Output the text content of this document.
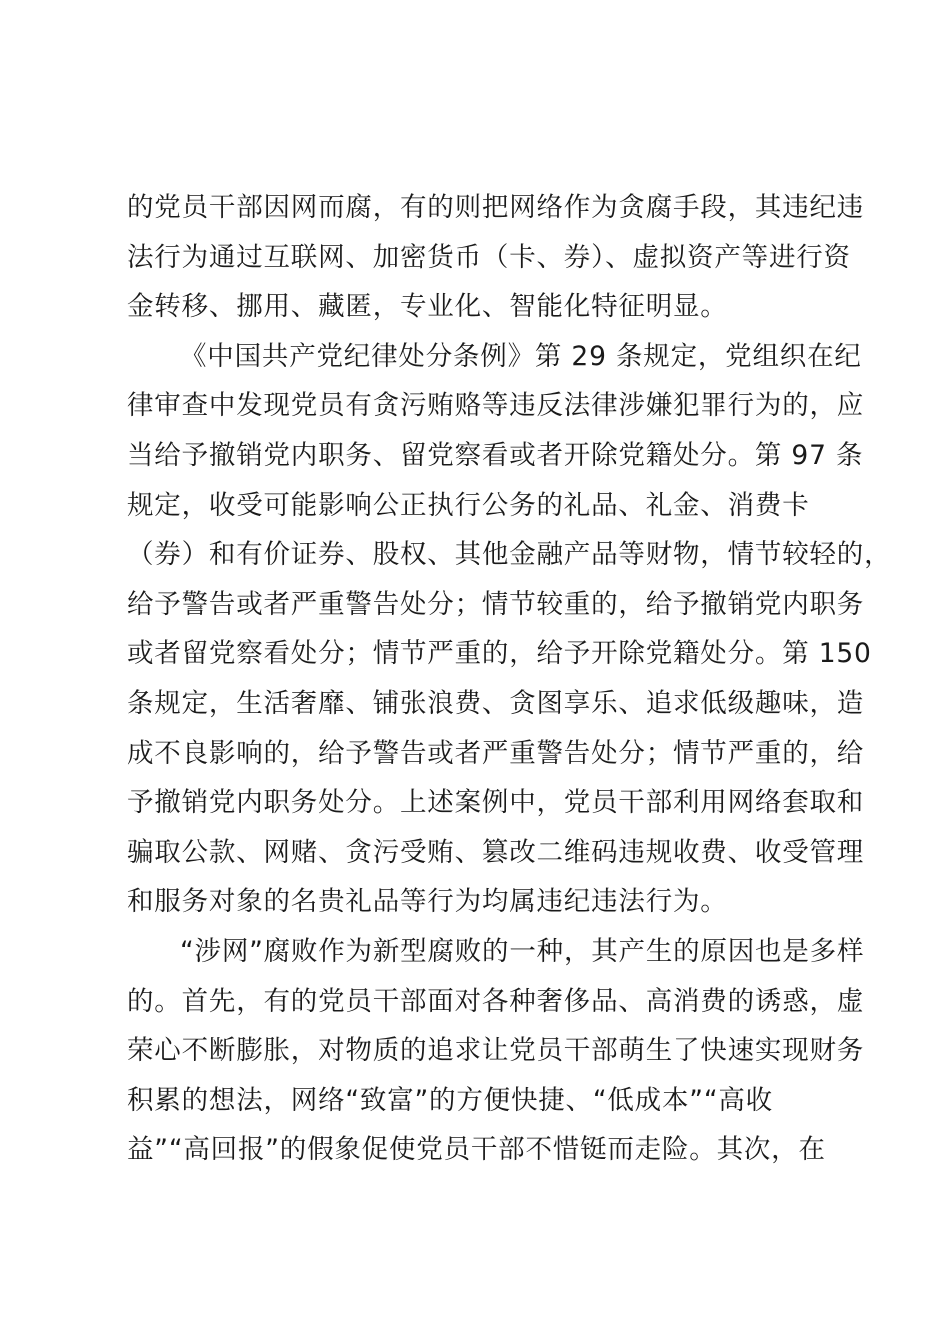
的党员干部因网而腐，有的则把网络作为贪腐手段，其违纪违
法行为通过互联网、加密货币（卡、券）、虚拟资产等进行资
金转移、挪用、藏匿，专业化、智能化特征明显。
《中国共产党纪律处分条例》第 29 条规定，党组织在纪
律审查中发现党员有贪污贿赂等违反法律涉嫌犯罪行为的，应
当给予撤销党内职务、留党察看或者开除党籍处分。第 97 条
规定，收受可能影响公正执行公务的礼品、礼金、消费卡
（券）和有价证券、股权、其他金融产品等财物，情节较轻的，
给予警告或者严重警告处分；情节较重的，给予撤销党内职务
或者留党察看处分；情节严重的，给予开除党籍处分。第 150
条规定，生活奢靡、铺张浪费、贪图享乐、追求低级趣味，造
成不良影响的，给予警告或者严重警告处分；情节严重的，给
予撤销党内职务处分。上述案例中，党员干部利用网络套取和
骗取公款、网赌、贪污受贿、篡改二维码违规收费、收受管理
和服务对象的名贵礼品等行为均属违纪违法行为。
“涉网”腐败作为新型腐败的一种，其产生的原因也是多样
的。首先，有的党员干部面对各种奢侈品、高消费的诱惑，虚
荣心不断膨胀，对物质的追求让党员干部萌生了快速实现财务
积累的想法，网络“致富”的方便快捷、“低成本”“高收
益”“高回报”的假象促使党员干部不惜铤而走险。其次，在
